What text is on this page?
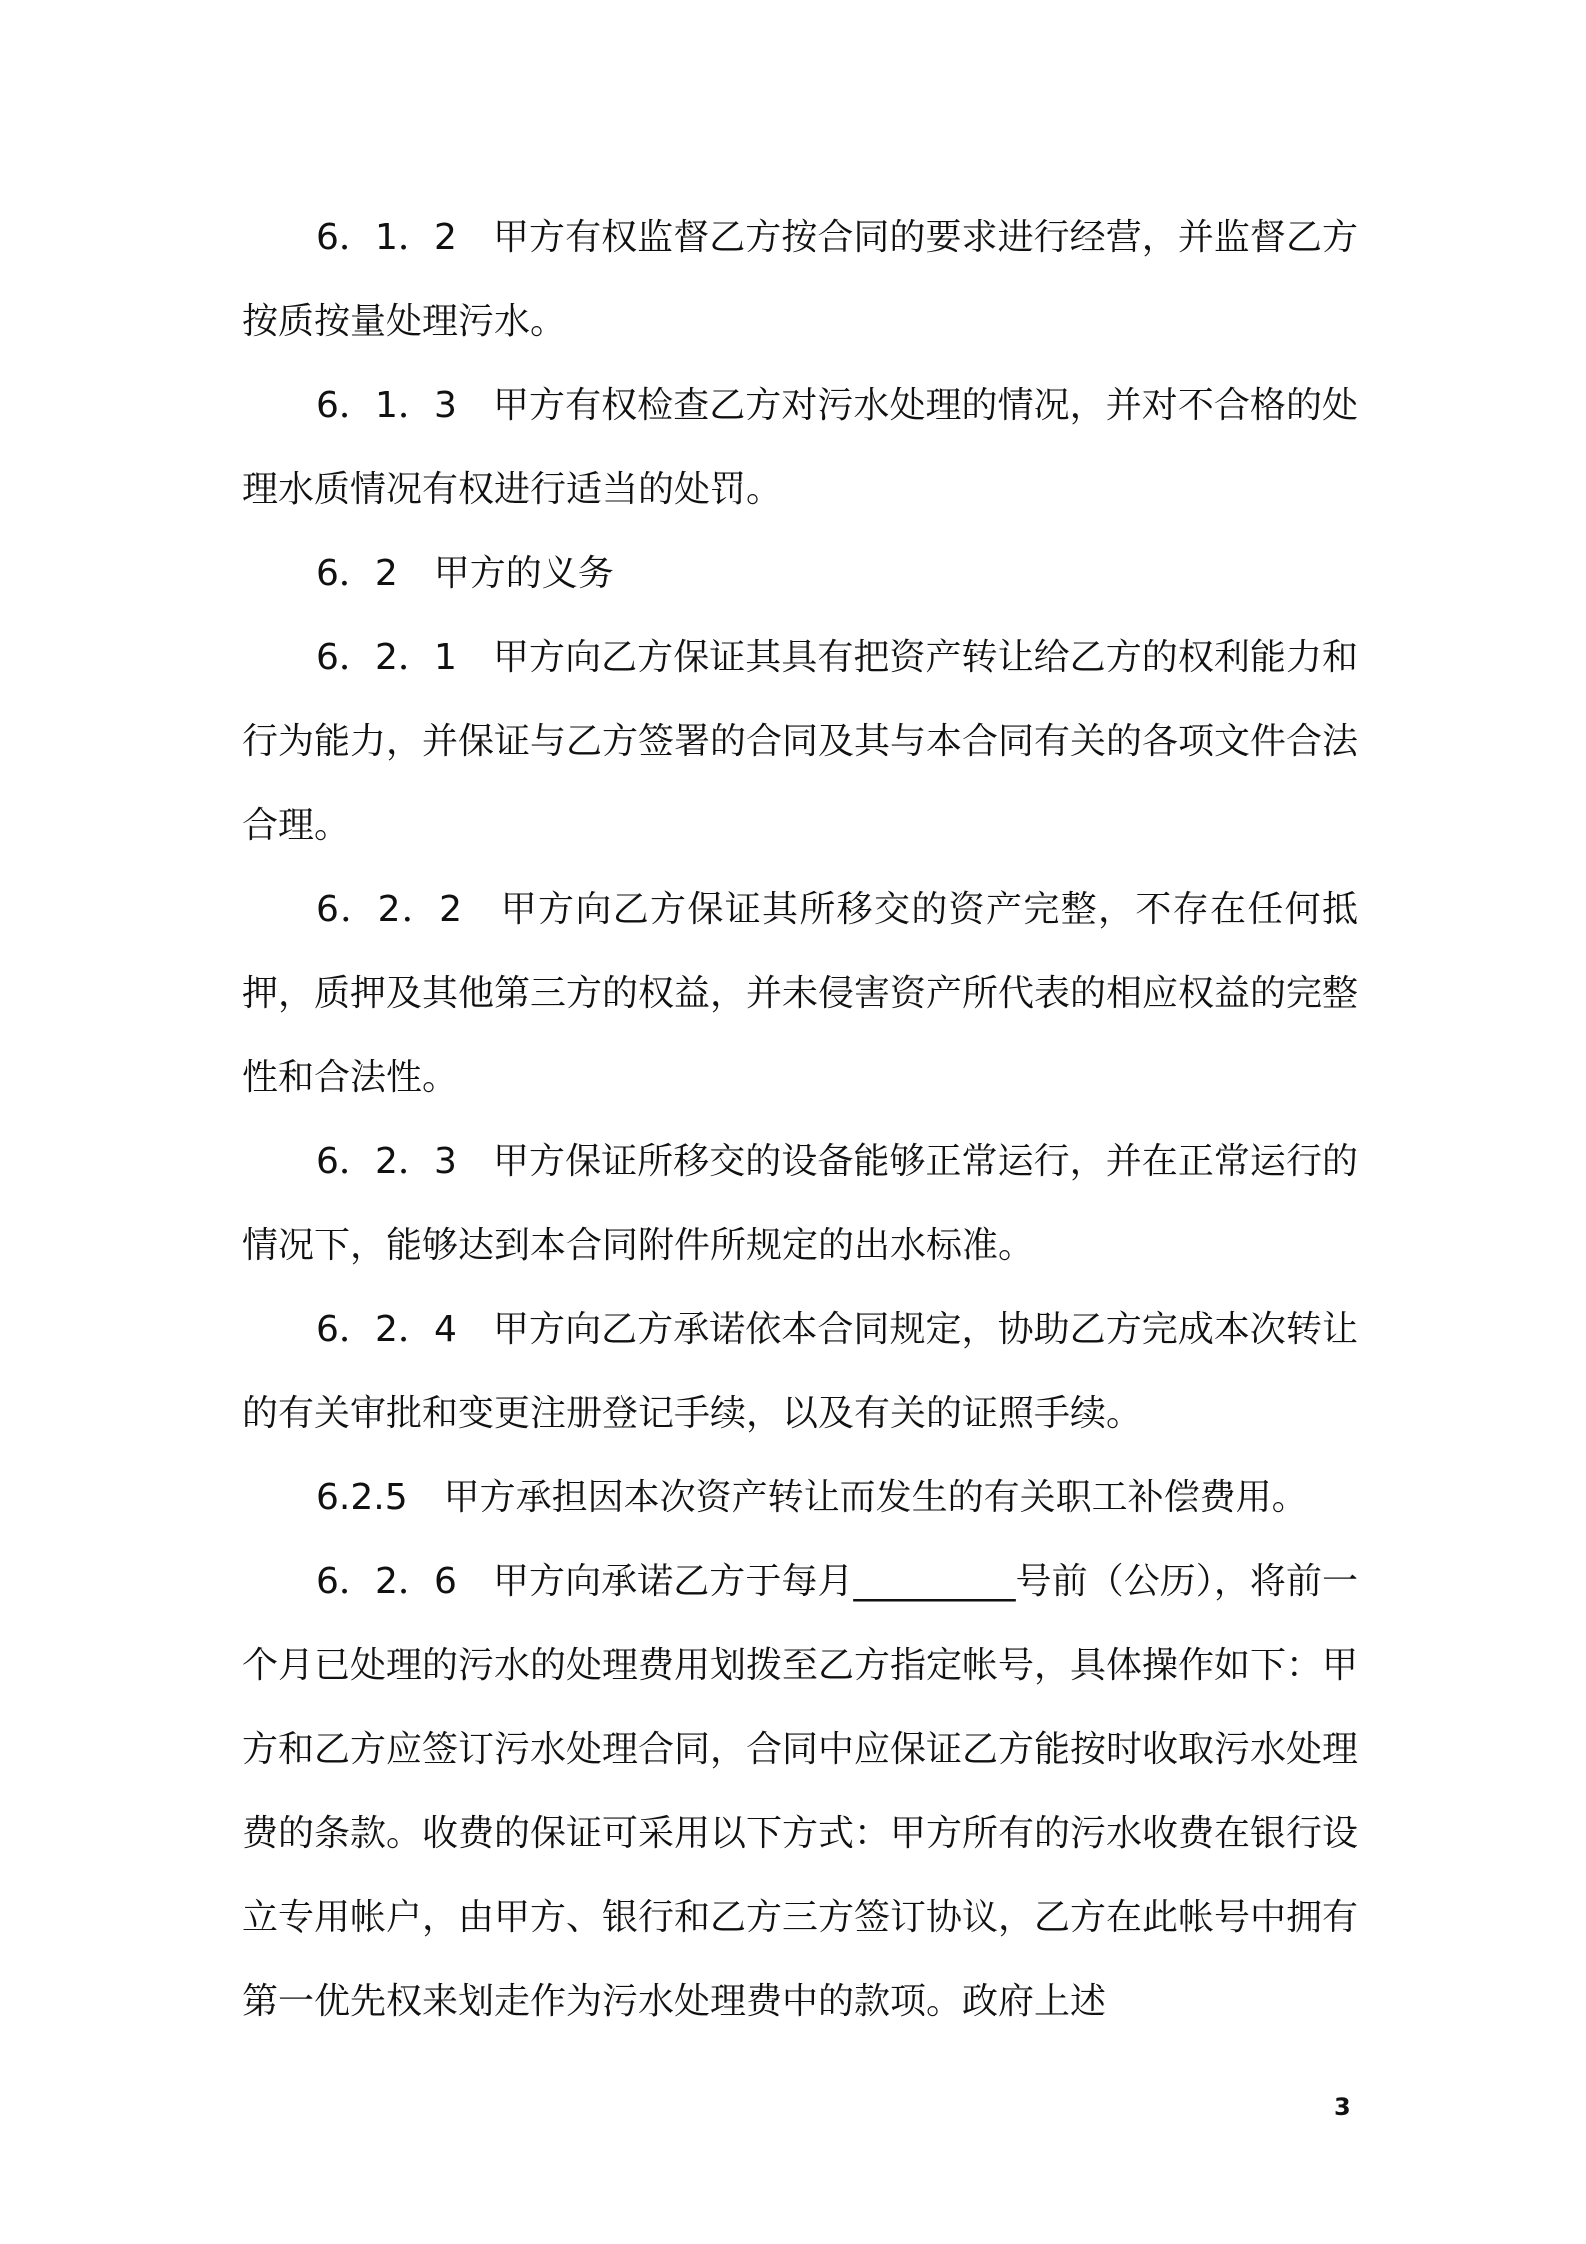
6．1．2　甲方有权监督乙方按合同的要求进行经营，并监督乙方按质按量处理污水。

6．1．3　甲方有权检查乙方对污水处理的情况，并对不合格的处理水质情况有权进行适当的处罚。

6．2　甲方的义务

6．2．1　甲方向乙方保证其具有把资产转让给乙方的权利能力和行为能力，并保证与乙方签署的合同及其与本合同有关的各项文件合法合理。

6．2．2　甲方向乙方保证其所移交的资产完整，不存在任何抵押，质押及其他第三方的权益，并未侵害资产所代表的相应权益的完整性和合法性。

6．2．3　甲方保证所移交的设备能够正常运行，并在正常运行的情况下，能够达到本合同附件所规定的出水标准。

6．2．4　甲方向乙方承诺依本合同规定，协助乙方完成本次转让的有关审批和变更注册登记手续，以及有关的证照手续。

6.2.5　甲方承担因本次资产转让而发生的有关职工补偿费用。

6．2．6　甲方向承诺乙方于每月_________号前（公历），将前一个月已处理的污水的处理费用划拨至乙方指定帐号，具体操作如下：甲方和乙方应签订污水处理合同，合同中应保证乙方能按时收取污水处理费的条款。收费的保证可采用以下方式：甲方所有的污水收费在银行设立专用帐户，由甲方、银行和乙方三方签订协议，乙方在此帐号中拥有第一优先权来划走作为污水处理费中的款项。政府上述

3
